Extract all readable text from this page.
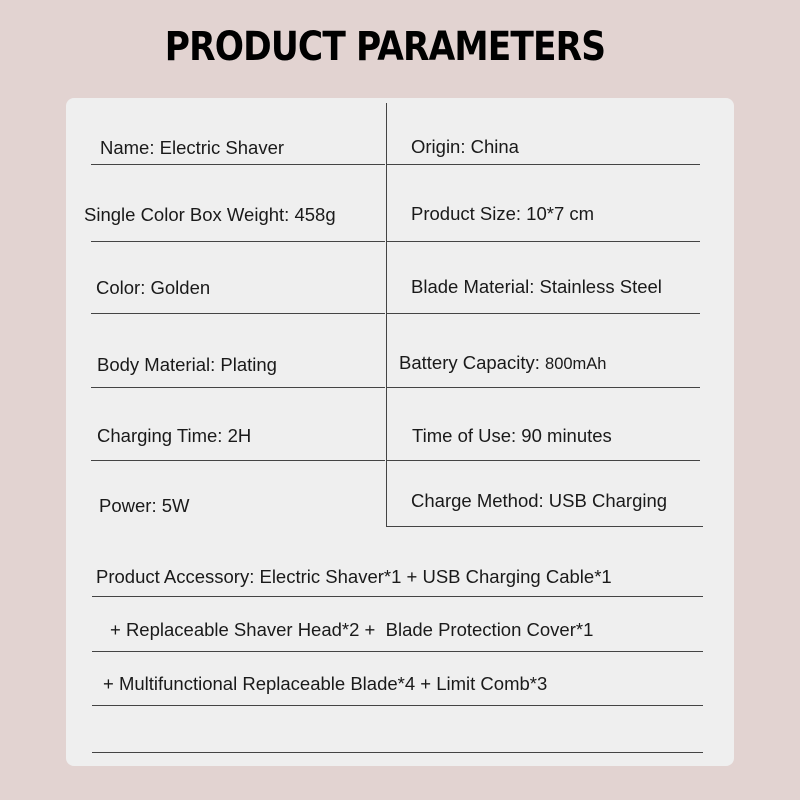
PRODUCT PARAMETERS
Name: Electric Shaver	Origin: China
Single Color Box Weight: 458g	Product Size: 10*7 cm
Color: Golden	Blade Material: Stainless Steel
Body Material: Plating	Battery Capacity: 800mAh
Charging Time: 2H	Time of Use: 90 minutes
Power: 5W	Charge Method: USB Charging
Product Accessory: Electric Shaver*1 + USB Charging Cable*1
+ Replaceable Shaver Head*2 +  Blade Protection Cover*1
+ Multifunctional Replaceable Blade*4 + Limit Comb*3
